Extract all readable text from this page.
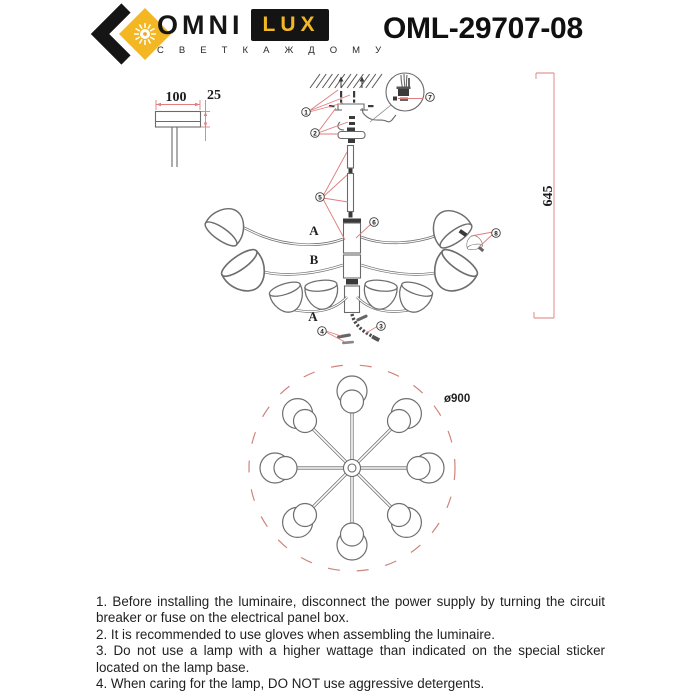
OMNI LUX
С В Е Т К А Ж Д О М У
OML-29707-08
100 25
645
1
2
5
6
8
7
3
4
A
B
A
ø900

1. Before installing the luminaire, disconnect the power supply by turning the circuit breaker or fuse on the electrical panel box.

2. It is recommended to use gloves when assembling the luminaire.

3. Do not use a lamp with a higher wattage than indicated on the special sticker located on the lamp base.

4. When caring for the lamp, DO NOT use aggressive detergents.
